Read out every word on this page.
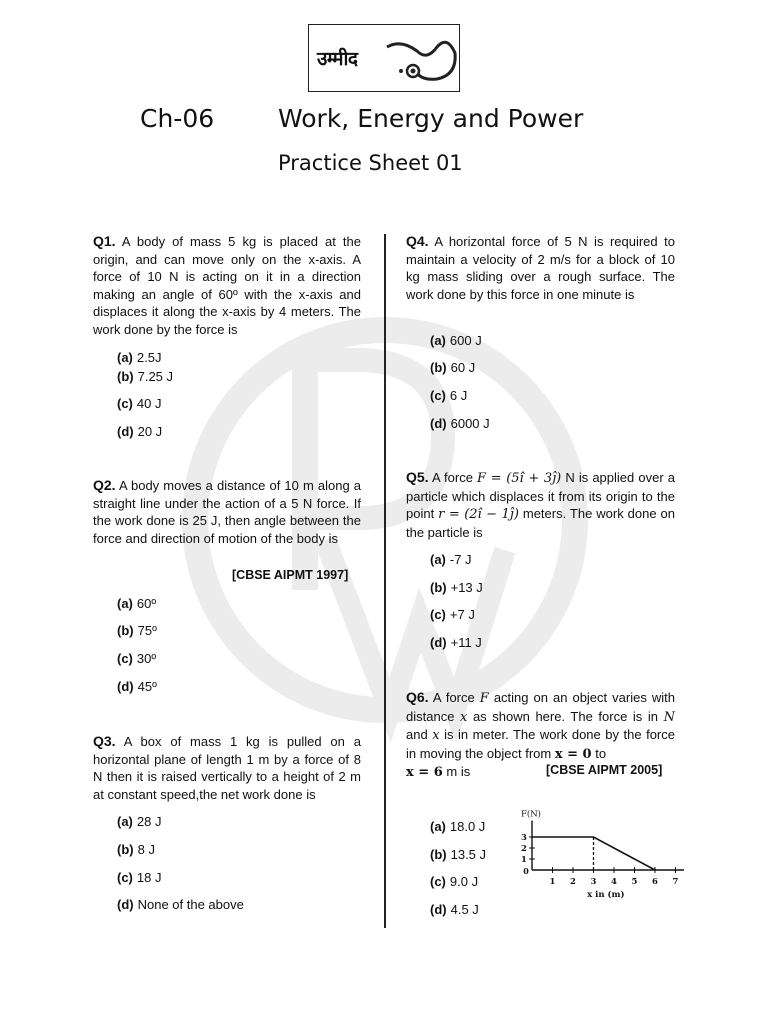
उम्मीद
Ch-06	Work, Energy and Power
Practice Sheet 01
Q1. A body of mass 5 kg is placed at the origin, and can move only on the x-axis. A force of 10 N is acting on it in a direction making an angle of 60º with the x-axis and displaces it along the x-axis by 4 meters. The work done by the force is
(a) 2.5J
(b) 7.25 J
(c) 40 J
(d) 20 J
Q2. A body moves a distance of 10 m along a straight line under the action of a 5 N force. If the work done is 25 J, then angle between the force and direction of motion of the body is
[CBSE AIPMT 1997]
(a) 60º
(b) 75º
(c) 30º
(d) 45º
Q3. A box of mass 1 kg is pulled on a horizontal plane of length 1 m by a force of 8 N then it is raised vertically to a height of 2 m at constant speed,the net work done is
(a) 28 J
(b) 8 J
(c) 18 J
(d) None of the above
Q4. A horizontal force of 5 N is required to maintain a velocity of 2 m/s for a block of 10 kg mass sliding over a rough surface. The work done by this force in one minute is
(a) 600 J
(b) 60 J
(c) 6 J
(d) 6000 J
Q5. A force F = (5î + 3ĵ) N is applied over a particle which displaces it from its origin to the point r = (2î − 1ĵ) meters. The work done on the particle is
(a) -7 J
(b) +13 J
(c) +7 J
(d) +11 J
Q6. A force F acting on an object varies with distance x as shown here. The force is in N and x is in meter. The work done by the force in moving the object from x = 0 to
x = 6 m is	[CBSE AIPMT 2005]
(a) 18.0 J
(b) 13.5 J
(c) 9.0 J
(d) 4.5 J
1 2 3 4 5 6 7
1
2
3
0
F(N)
x in (m)
